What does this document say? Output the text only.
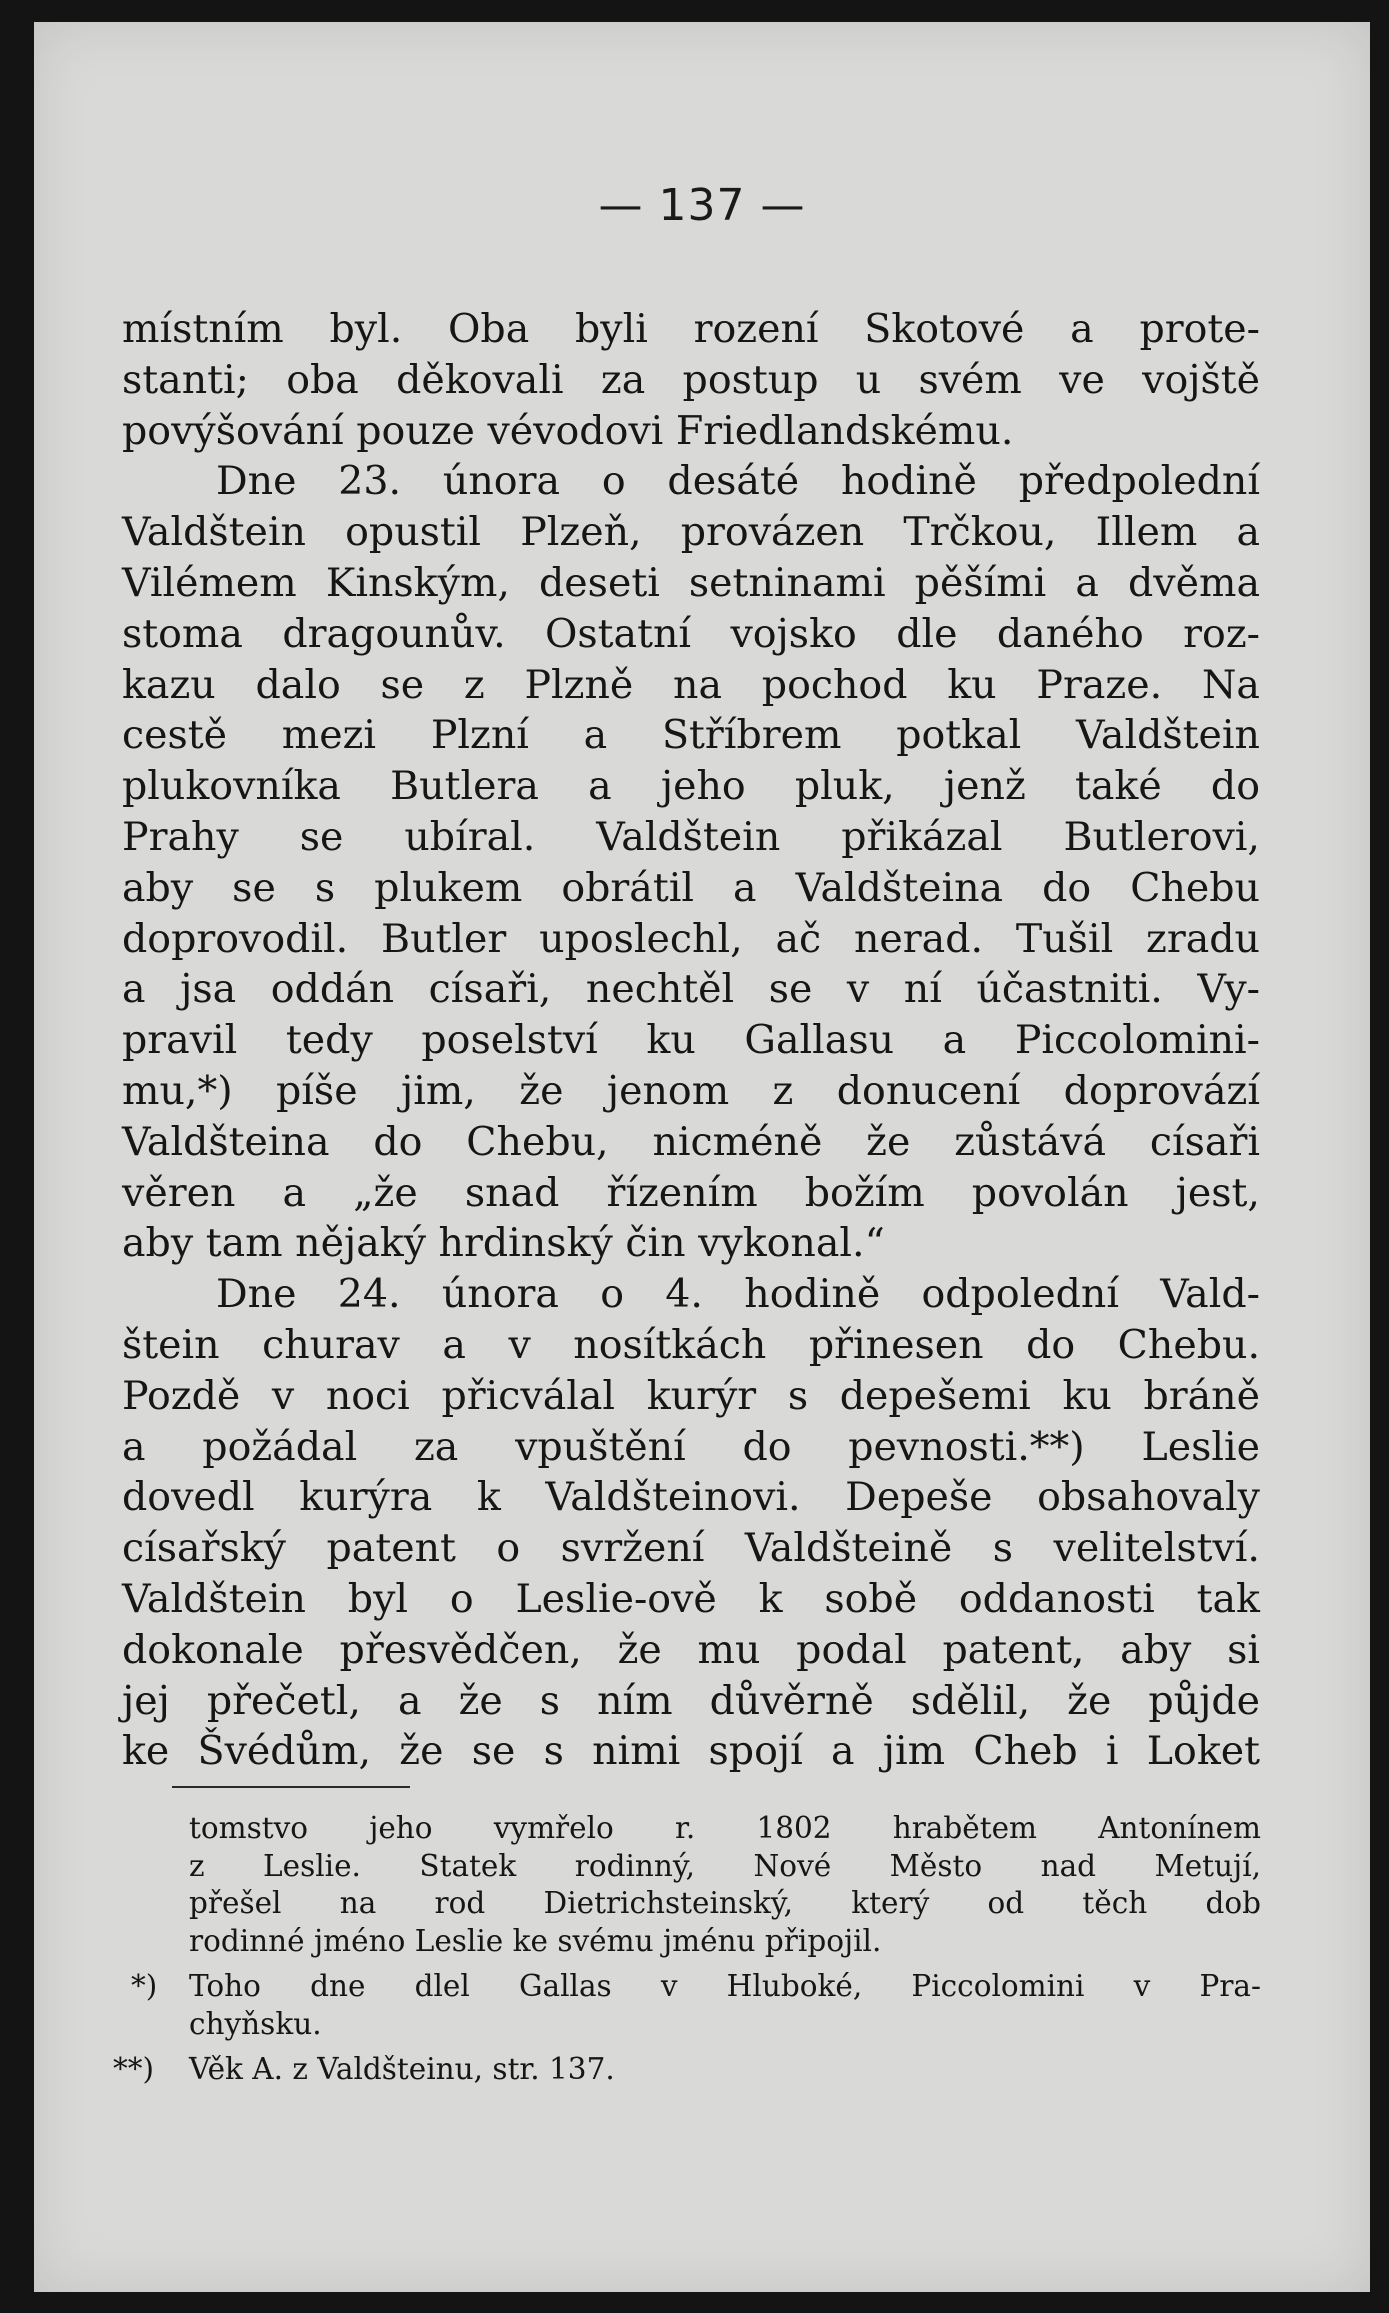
— 137 —
místním byl. Oba byli rození Skotové a prote-
stanti; oba děkovali za postup u svém ve vojště
povýšování pouze vévodovi Friedlandskému.
Dne 23. února o desáté hodině předpolední
Valdštein opustil Plzeň, provázen Trčkou, Illem a
Vilémem Kinským, deseti setninami pěšími a dvěma
stoma dragounův. Ostatní vojsko dle daného roz-
kazu dalo se z Plzně na pochod ku Praze. Na
cestě mezi Plzní a Stříbrem potkal Valdštein
plukovníka Butlera a jeho pluk, jenž také do
Prahy se ubíral. Valdštein přikázal Butlerovi,
aby se s plukem obrátil a Valdšteina do Chebu
doprovodil. Butler uposlechl, ač nerad. Tušil zradu
a jsa oddán císaři, nechtěl se v ní účastniti. Vy-
pravil tedy poselství ku Gallasu a Piccolomini-
mu,*) píše jim, že jenom z donucení doprovází
Valdšteina do Chebu, nicméně že zůstává císaři
věren a „že snad řízením božím povolán jest,
aby tam nějaký hrdinský čin vykonal.“
Dne 24. února o 4. hodině odpolední Vald-
štein churav a v nosítkách přinesen do Chebu.
Pozdě v noci přicválal kurýr s depešemi ku bráně
a požádal za vpuštění do pevnosti.**) Leslie
dovedl kurýra k Valdšteinovi. Depeše obsahovaly
císařský patent o svržení Valdšteině s velitelství.
Valdštein byl o Leslie-ově k sobě oddanosti tak
dokonale přesvědčen, že mu podal patent, aby si
jej přečetl, a že s ním důvěrně sdělil, že půjde
ke Švédům, že se s nimi spojí a jim Cheb i Loket
tomstvo jeho vymřelo r. 1802 hrabětem Antonínem
z Leslie. Statek rodinný, Nové Město nad Metují,
přešel na rod Dietrichsteinský, který od těch dob
rodinné jméno Leslie ke svému jménu připojil.
*) Toho dne dlel Gallas v Hluboké, Piccolomini v Pra-
chyňsku.
**) Věk A. z Valdšteinu, str. 137.
